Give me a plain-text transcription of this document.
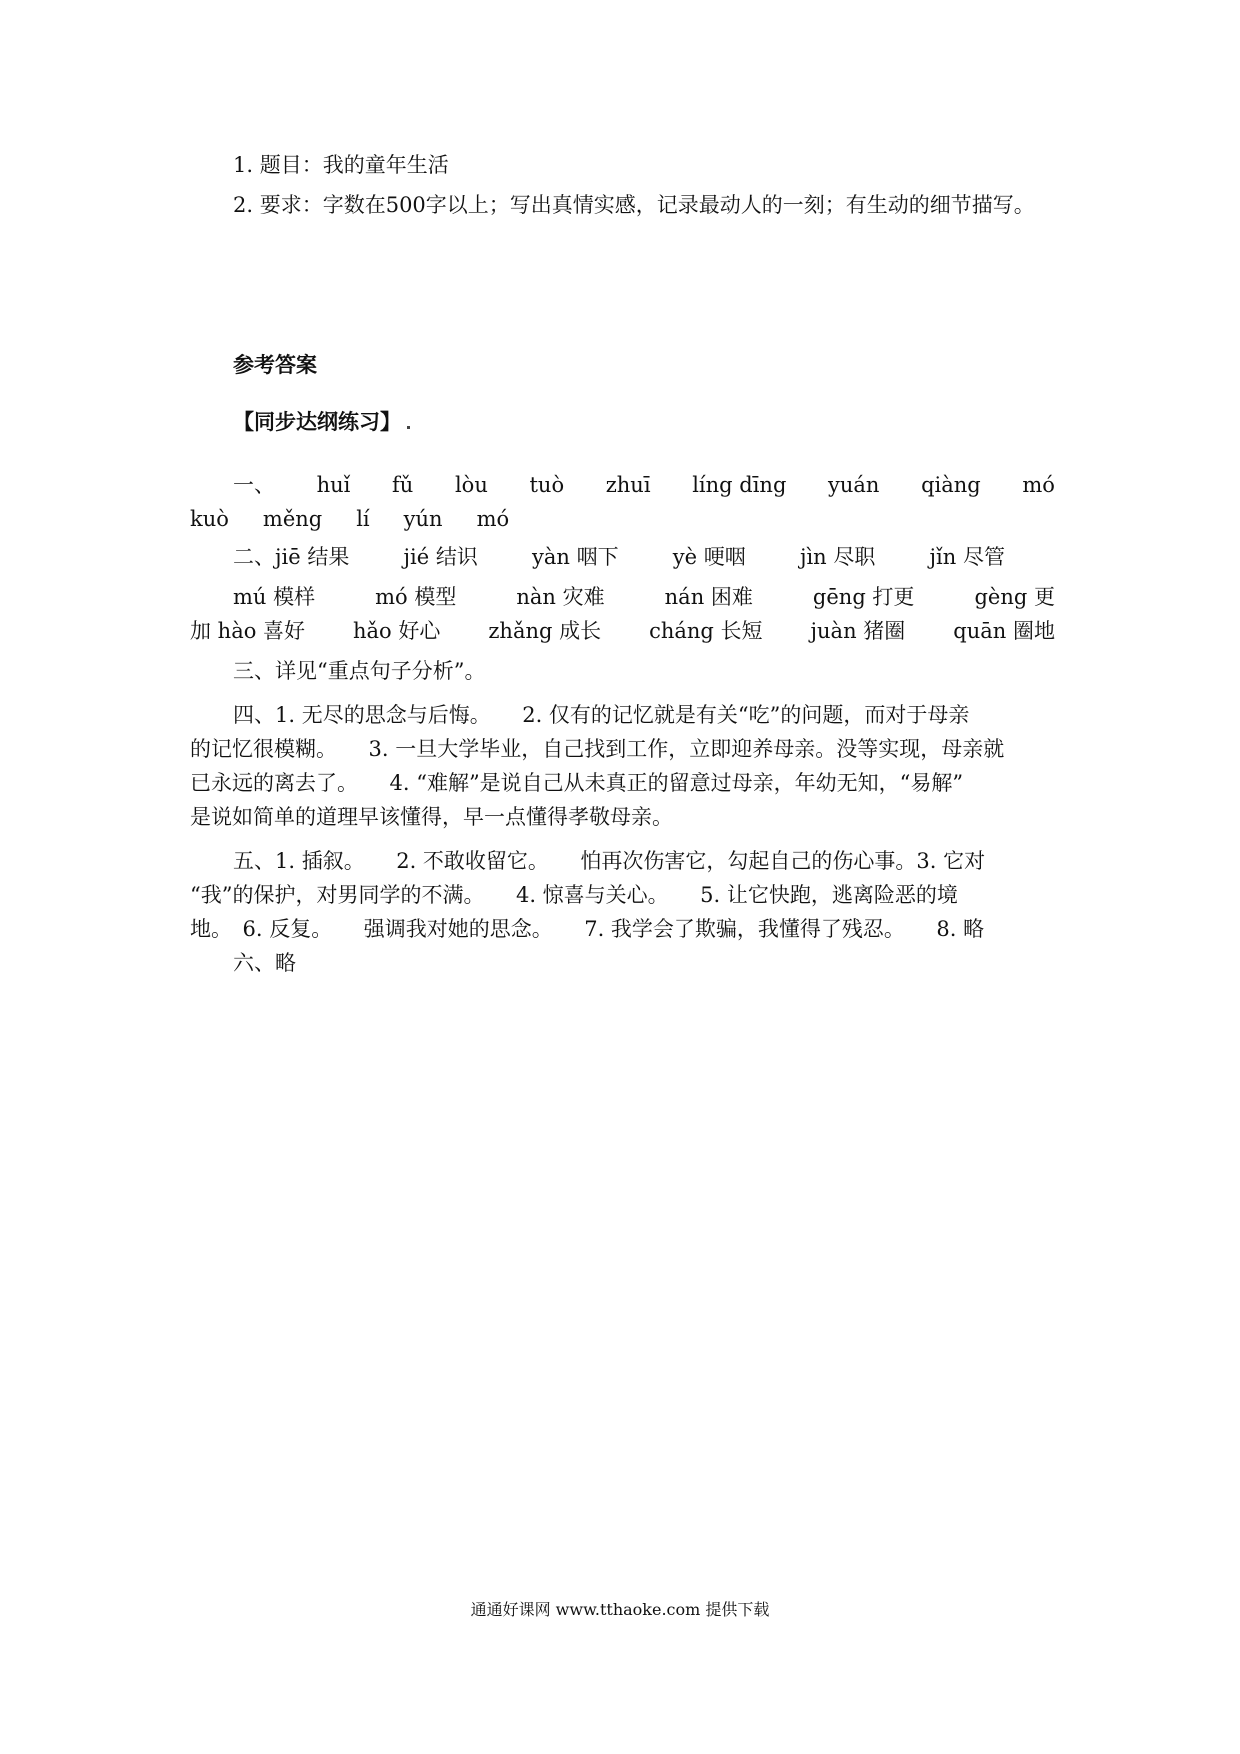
1. 题目：我的童年生活
2. 要求：字数在500字以上；写出真情实感，记录最动人的一刻；有生动的细节描写。
参考答案
【同步达纲练习】
一、 huǐ fǔ lòu tuò zhuī líng dīng yuán qiàng mó
kuò měng lí yún mó
二、jiē 结果	jié 结识	yàn 咽下	yè 哽咽	jìn 尽职	jǐn 尽管
mú 模样	mó 模型	nàn 灾难	nán 困难	gēng 打更	gèng 更
加 hào 喜好 hǎo 好心 zhǎng 成长 cháng 长短 juàn 猪圈 quān 圈地
三、详见“重点句子分析”。
四、1. 无尽的思念与后悔。　　2. 仅有的记忆就是有关“吃”的问题，而对于母亲
的记忆很模糊。　　3. 一旦大学毕业，自己找到工作，立即迎养母亲。没等实现，母亲就
已永远的离去了。　　4. “难解”是说自己从未真正的留意过母亲，年幼无知，“易解”
是说如简单的道理早该懂得，早一点懂得孝敬母亲。
五、1. 插叙。　　2. 不敢收留它。　　怕再次伤害它，勾起自己的伤心事。3. 它对
“我”的保护，对男同学的不满。　　4. 惊喜与关心。　　5. 让它快跑，逃离险恶的境
地。　6. 反复。　　强调我对她的思念。　　7. 我学会了欺骗，我懂得了残忍。　　8. 略
六、略
通通好课网 www.tthaoke.com 提供下载
